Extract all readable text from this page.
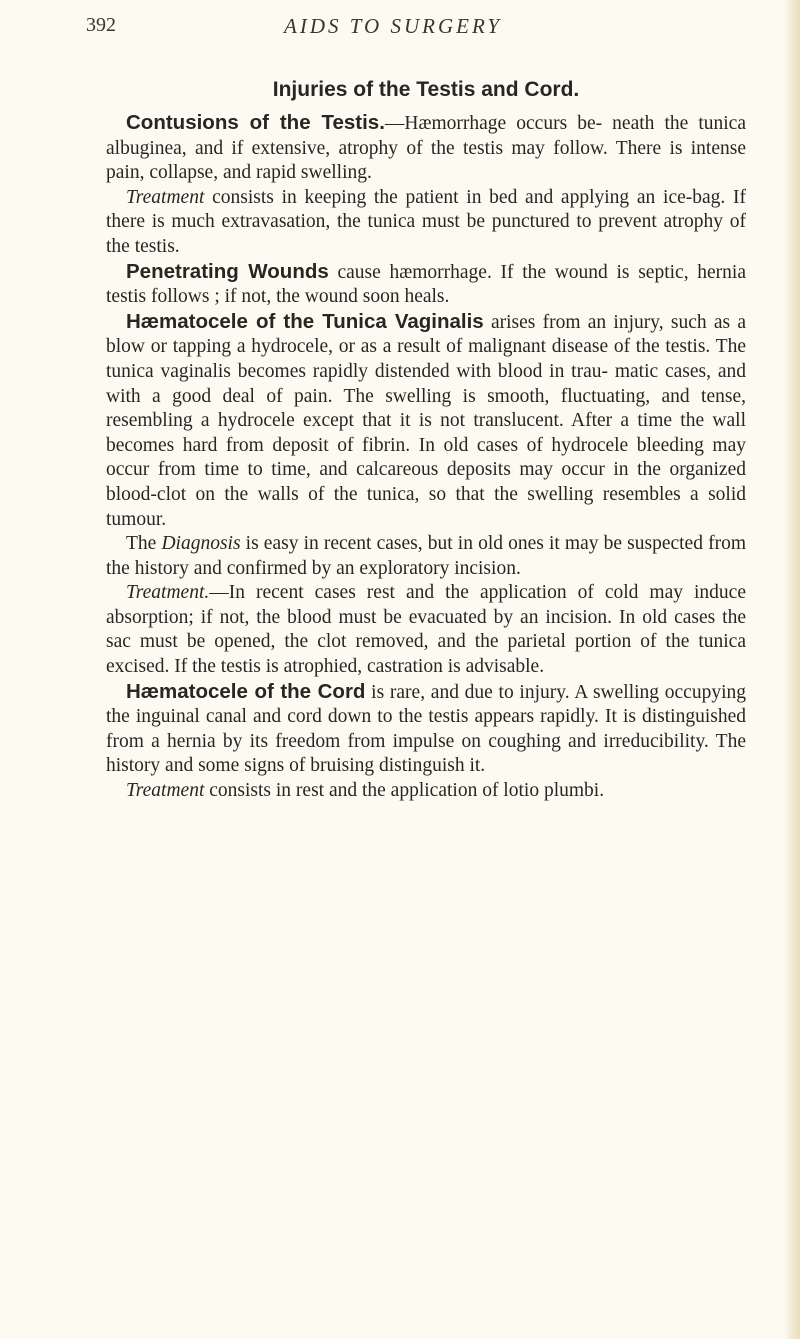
392	AIDS TO SURGERY
Injuries of the Testis and Cord.

Contusions of the Testis.—Hæmorrhage occurs be- neath the tunica albuginea, and if extensive, atrophy of the testis may follow. There is intense pain, collapse, and rapid swelling.

Treatment consists in keeping the patient in bed and applying an ice-bag. If there is much extravasation, the tunica must be punctured to prevent atrophy of the testis.

Penetrating Wounds cause hæmorrhage. If the wound is septic, hernia testis follows ; if not, the wound soon heals.

Hæmatocele of the Tunica Vaginalis arises from an injury, such as a blow or tapping a hydrocele, or as a result of malignant disease of the testis. The tunica vaginalis becomes rapidly distended with blood in trau- matic cases, and with a good deal of pain. The swelling is smooth, fluctuating, and tense, resembling a hydrocele except that it is not translucent. After a time the wall becomes hard from deposit of fibrin. In old cases of hydrocele bleeding may occur from time to time, and calcareous deposits may occur in the organized blood-clot on the walls of the tunica, so that the swelling resembles a solid tumour.

The Diagnosis is easy in recent cases, but in old ones it may be suspected from the history and confirmed by an exploratory incision.

Treatment.—In recent cases rest and the application of cold may induce absorption; if not, the blood must be evacuated by an incision. In old cases the sac must be opened, the clot removed, and the parietal portion of the tunica excised. If the testis is atrophied, castration is advisable.

Hæmatocele of the Cord is rare, and due to injury. A swelling occupying the inguinal canal and cord down to the testis appears rapidly. It is distinguished from a hernia by its freedom from impulse on coughing and irreducibility. The history and some signs of bruising distinguish it.

Treatment consists in rest and the application of lotio plumbi.
